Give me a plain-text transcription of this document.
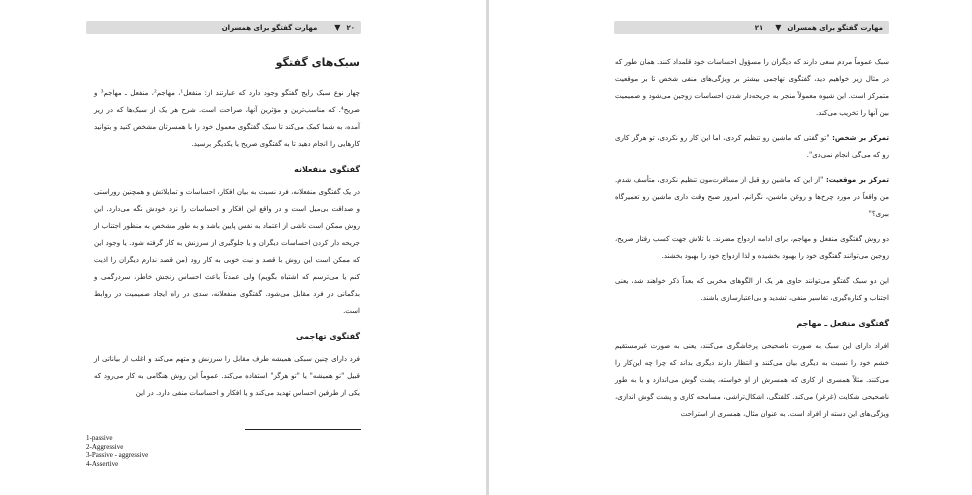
۲۰
▼
مهارت گفتگو برای همسران
سبک‌های گفتگو

چهار نوع سبک رایج گفتگو وجود دارد که عبارتند از: منفعل¹، مهاجم²، منفعل ـ مهاجم³ و صریح⁴. که مناسب‌ترین و مؤثرین آنها، صراحت است. شرح هر یک از سبک‌ها که در زیر آمده، به شما کمک می‌کند تا سبک گفتگوی معمول خود را با همسرتان مشخص کنید و بتوانید کارهایی را انجام دهید تا به گفتگوی صریح یا یکدیگر برسید.

گفتگوی منفعلانه

در یک گفتگوی منفعلانه، فرد نسبت به بیان افکار، احساسات و تمایلاتش و همچنین روراستی و صداقت بی‌میل است و در واقع این افکار و احساسات را نزد خودش نگه می‌دارد. این روش ممکن است ناشی از اعتماد به نفس پایین باشد و به طور مشخص به منظور اجتناب از جریحه دار کردن احساسات دیگران و یا جلوگیری از سرزنش به کار گرفته شود. یا وجود این که ممکن است این روش با قصد و نیت خوبی به کار رود (من قصد ندارم دیگران را اذیت کنم یا می‌ترسم که اشتباه بگویم) ولی عمدتاً باعث احساس رنجش خاطر، سردرگمی و بدگمانی در فرد مقابل می‌شود. گفتگوی منفعلانه، سدی در راه ایجاد صمیمیت در روابط است.

گفتگوی تهاجمی

فرد دارای چنین سبکی همیشه طرف مقابل را سرزنش و متهم می‌کند و اغلب از بیاناتی از قبیل "تو همیشه" یا "تو هرگز" استفاده می‌کند. عموماً این روش هنگامی به کار می‌رود که یکی از طرفین احساس تهدید می‌کند و یا افکار و احساسات منفی دارد. در این

1-passive
2-Aggressive
3-Passive - aggressive
4-Assertive
مهارت گفتگو برای همسران
▼
۲۱

سبک عموماً مردم سعی دارند که دیگران را مسؤول احساسات خود قلمداد کنند. همان طور که در مثال زیر خواهیم دید، گفتگوی تهاجمی بیشتر بر ویژگی‌های منفی شخص تا بر موقعیت متمرکز است. این شیوه معمولاً منجر به جریحه‌دار شدن احساسات زوجین می‌شود و صمیمیت بین آنها را تخریب می‌کند.

تمرکز بر شخص: "تو گفتی که ماشین رو تنظیم کردی، اما این کار رو نکردی، تو هرگز کاری رو که می‌گی انجام نمی‌دی".

تمرکز بر موقعیت: "از این که ماشین رو قبل از مسافرت‌مون تنظیم نکردی، متأسف شدم. من واقعاً در مورد چرخ‌ها و روغن ماشین، نگرانم. امروز صبح وقت داری ماشین رو تعمیرگاه ببری؟"

دو روش گفتگوی منفعل و مهاجم، برای ادامه ازدواج مضرند. با تلاش جهت کسب رفتار صریح، زوجین می‌توانند گفتگوی خود را بهبود بخشیده و لذا ازدواج خود را بهبود بخشند.

این دو سبک گفتگو می‌توانند حاوی هر یک از الگوهای مخربی که بعداً ذکر خواهند شد، یعنی اجتناب و کناره‌گیری، تفاسیر منفی، تشدید و بی‌اعتبارسازی باشند.

گفتگوی منفعل ـ مهاجم

افراد دارای این سبک به صورت ناصحیحی پرخاشگری می‌کنند، یعنی به صورت غیرمستقیم خشم خود را نسبت به دیگری بیان می‌کنند و انتظار دارند دیگری بداند که چرا چه این‌کار را می‌کنند. مثلاً همسری از کاری که همسرش از او خواسته، پشت گوش می‌اندازد و یا به طور ناصحیحی شکایت (غرغر) می‌کند. کلفتگی، اشکال‌تراشی، مسامحه کاری و پشت گوش اندازی، ویژگی‌های این دسته از افراد است. به عنوان مثال، همسری از استراحت
